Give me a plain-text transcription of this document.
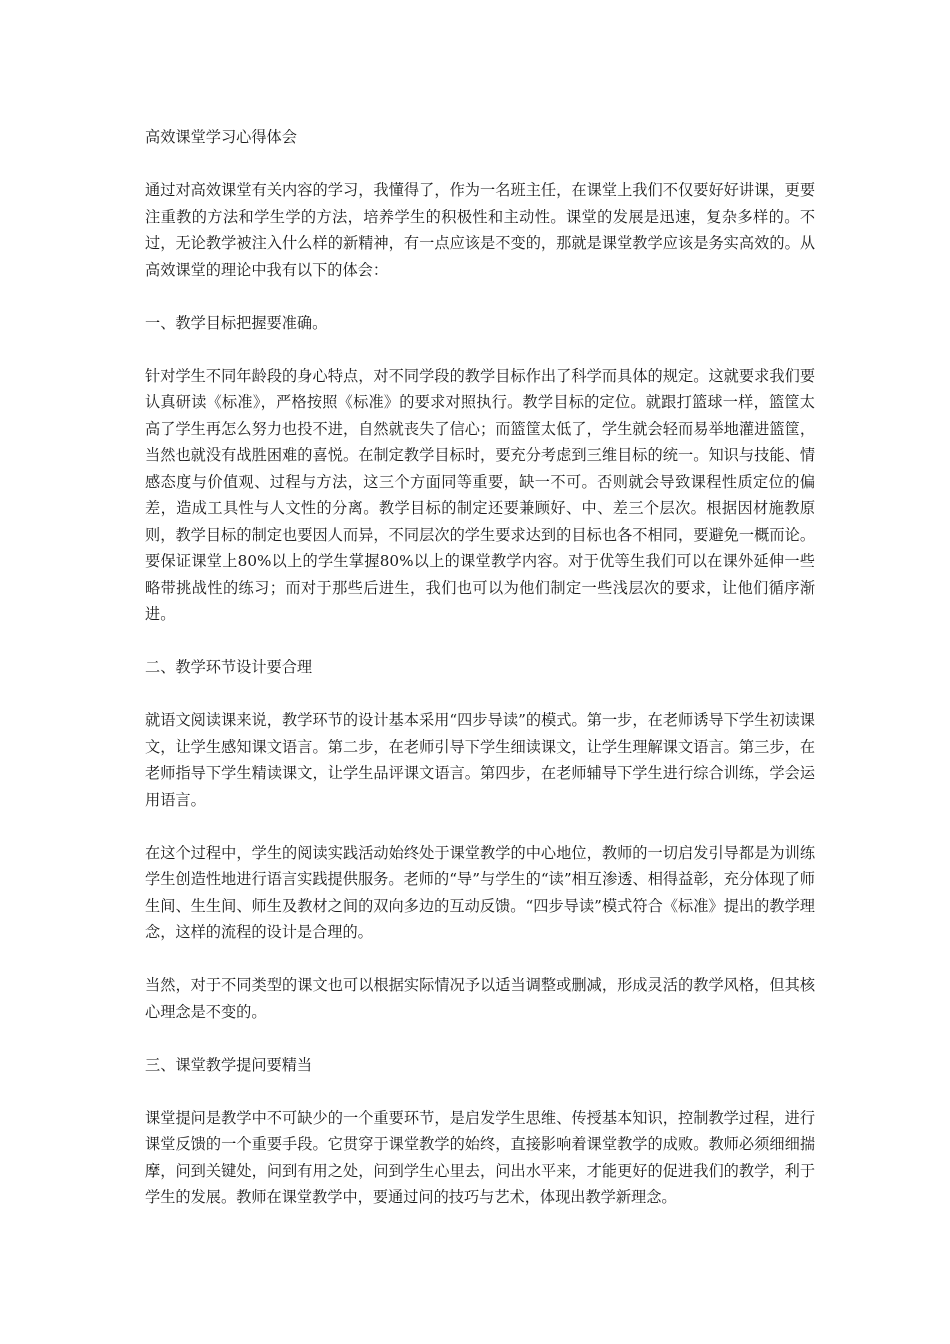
高效课堂学习心得体会

通过对高效课堂有关内容的学习，我懂得了，作为一名班主任，在课堂上我们不仅要好好讲课，更要注重教的方法和学生学的方法，培养学生的积极性和主动性。课堂的发展是迅速，复杂多样的。不过，无论教学被注入什么样的新精神，有一点应该是不变的，那就是课堂教学应该是务实高效的。从高效课堂的理论中我有以下的体会：

一、教学目标把握要准确。

针对学生不同年龄段的身心特点，对不同学段的教学目标作出了科学而具体的规定。这就要求我们要认真研读《标准》，严格按照《标准》的要求对照执行。教学目标的定位。就跟打篮球一样，篮筐太高了学生再怎么努力也投不进，自然就丧失了信心；而篮筐太低了，学生就会轻而易举地灌进篮筐，当然也就没有战胜困难的喜悦。在制定教学目标时，要充分考虑到三维目标的统一。知识与技能、情感态度与价值观、过程与方法，这三个方面同等重要，缺一不可。否则就会导致课程性质定位的偏差，造成工具性与人文性的分离。教学目标的制定还要兼顾好、中、差三个层次。根据因材施教原则，教学目标的制定也要因人而异，不同层次的学生要求达到的目标也各不相同，要避免一概而论。要保证课堂上80%以上的学生掌握80%以上的课堂教学内容。对于优等生我们可以在课外延伸一些略带挑战性的练习；而对于那些后进生，我们也可以为他们制定一些浅层次的要求，让他们循序渐进。

二、教学环节设计要合理

就语文阅读课来说，教学环节的设计基本采用“四步导读”的模式。第一步，在老师诱导下学生初读课文，让学生感知课文语言。第二步，在老师引导下学生细读课文，让学生理解课文语言。第三步，在老师指导下学生精读课文，让学生品评课文语言。第四步，在老师辅导下学生进行综合训练，学会运用语言。

在这个过程中，学生的阅读实践活动始终处于课堂教学的中心地位，教师的一切启发引导都是为训练学生创造性地进行语言实践提供服务。老师的“导”与学生的“读”相互渗透、相得益彰，充分体现了师生间、生生间、师生及教材之间的双向多边的互动反馈。“四步导读”模式符合《标准》提出的教学理念，这样的流程的设计是合理的。

当然，对于不同类型的课文也可以根据实际情况予以适当调整或删减，形成灵活的教学风格，但其核心理念是不变的。

三、课堂教学提问要精当

课堂提问是教学中不可缺少的一个重要环节，是启发学生思维、传授基本知识，控制教学过程，进行课堂反馈的一个重要手段。它贯穿于课堂教学的始终，直接影响着课堂教学的成败。教师必须细细揣摩，问到关键处，问到有用之处，问到学生心里去，问出水平来，才能更好的促进我们的教学，利于学生的发展。教师在课堂教学中，要通过问的技巧与艺术，体现出教学新理念。
